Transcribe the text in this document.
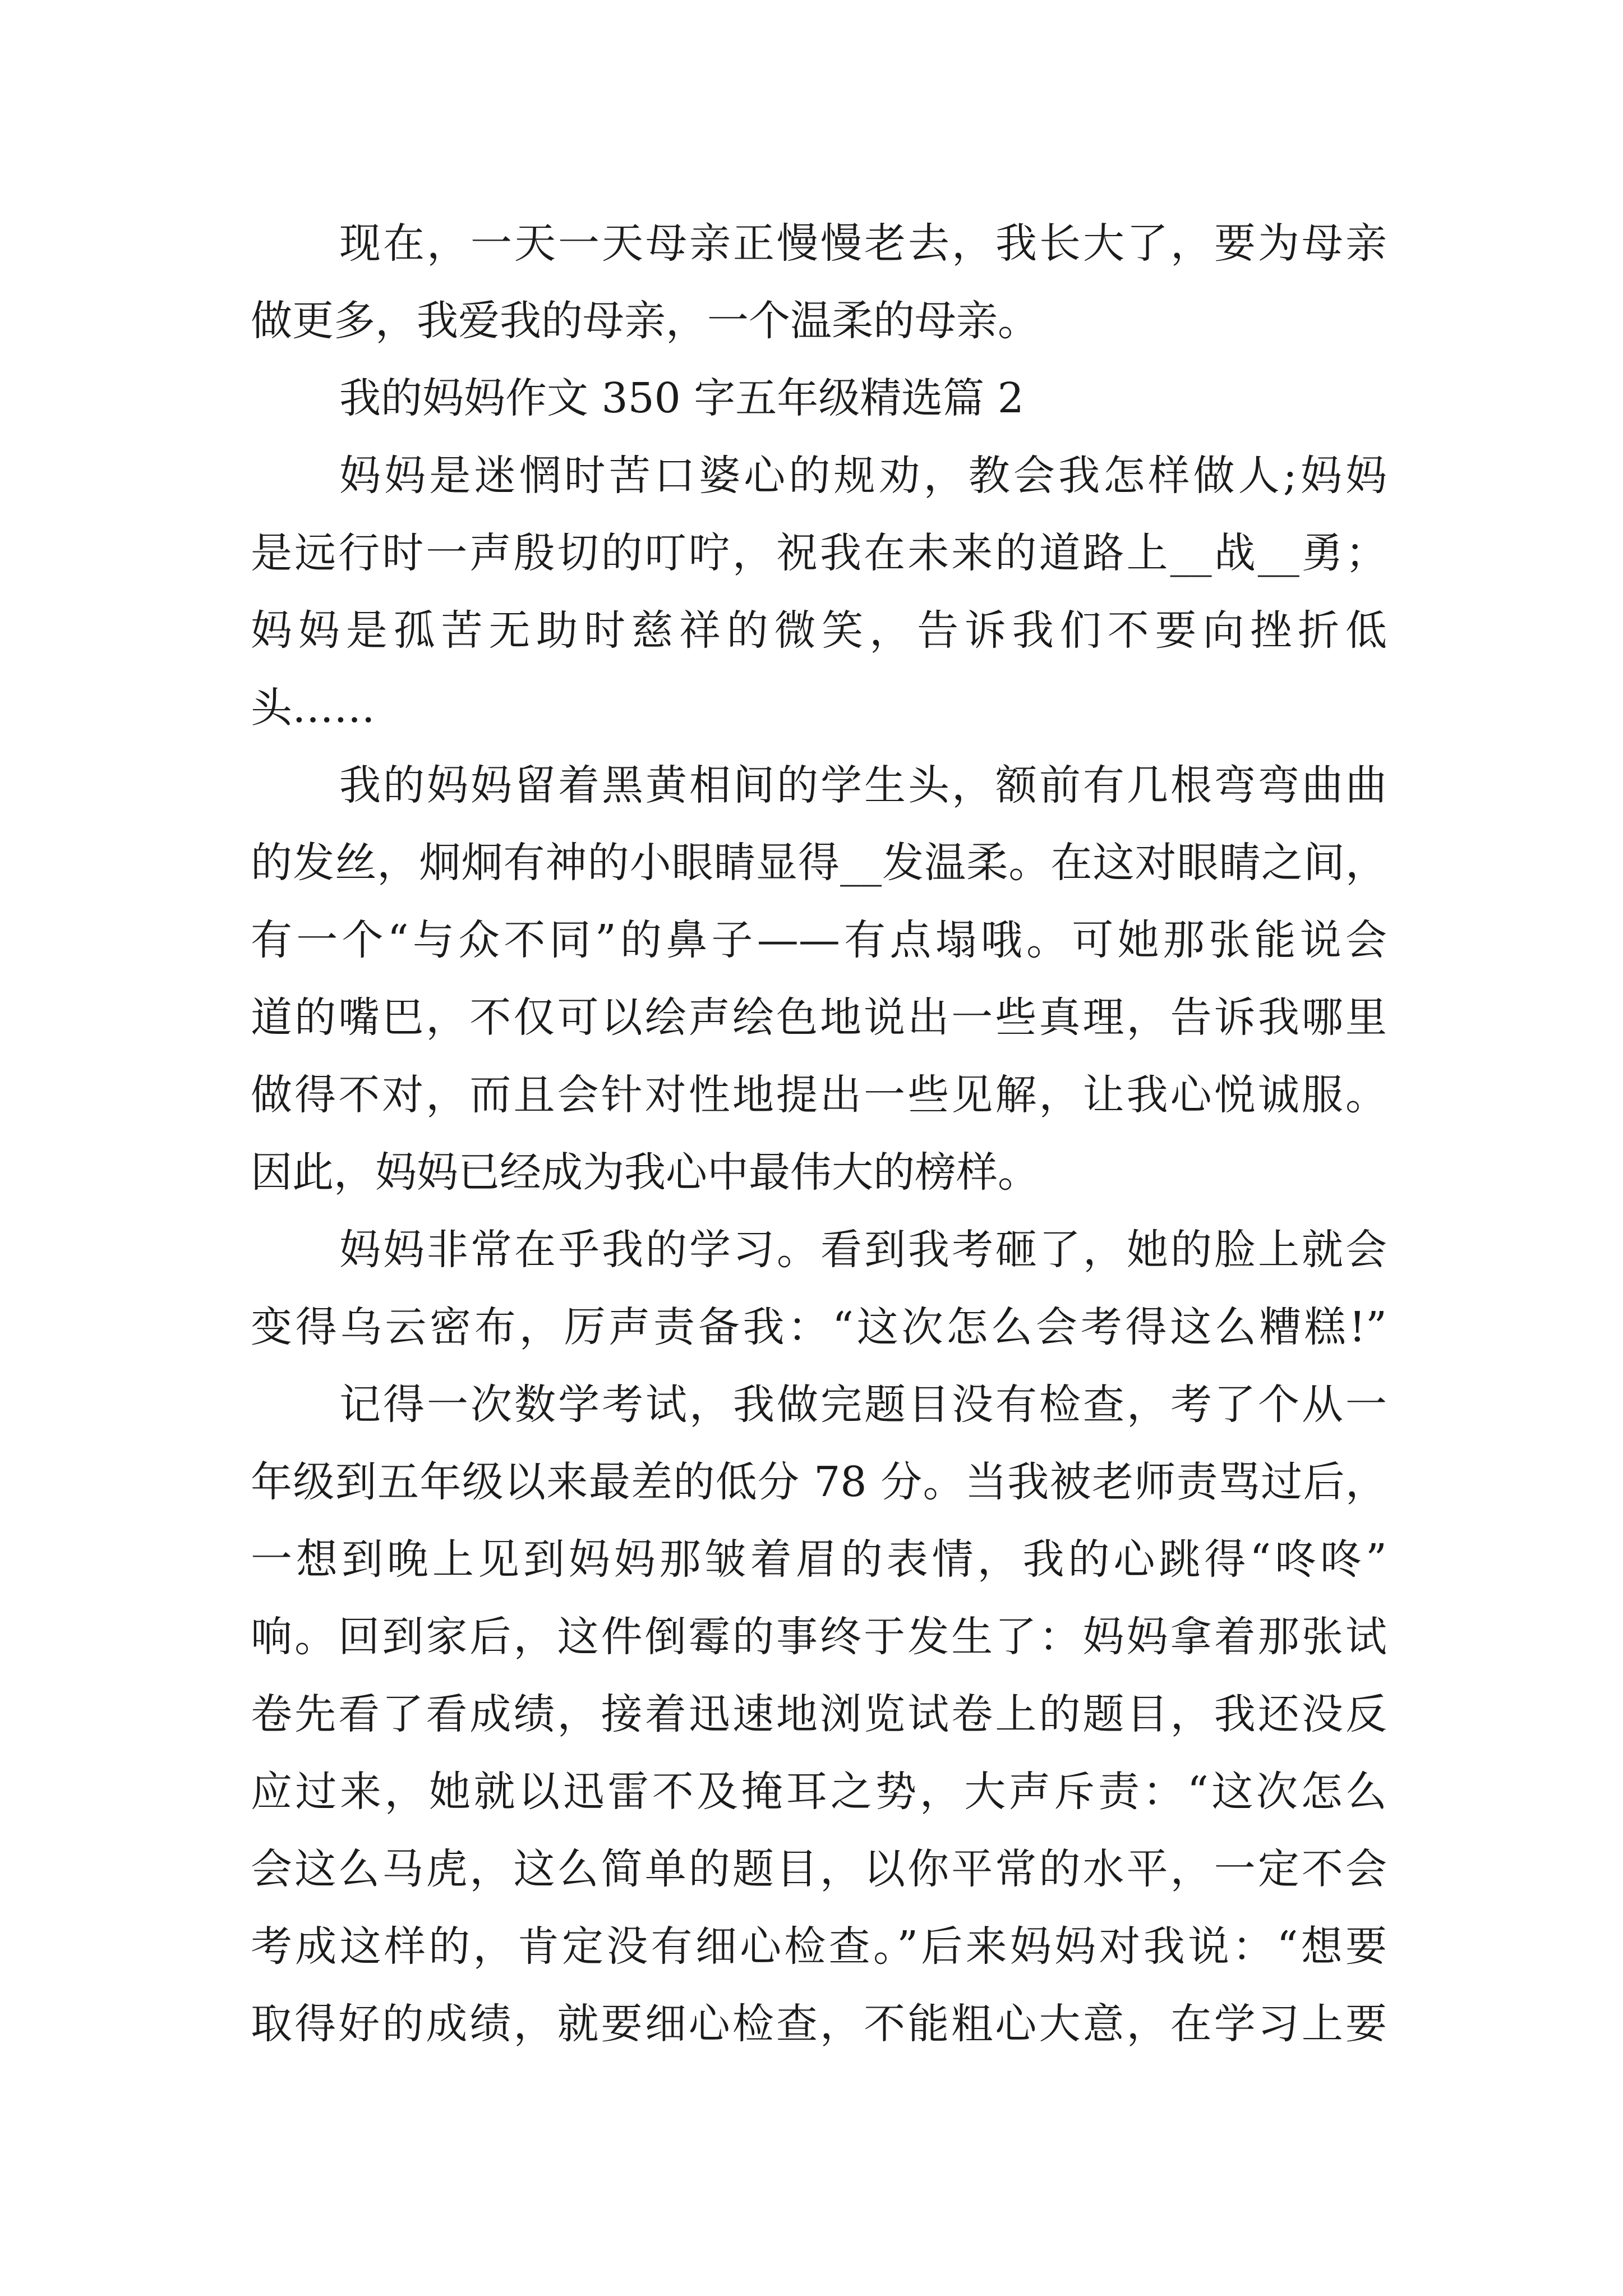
现在，一天一天母亲正慢慢老去，我长大了，要为母亲
做更多，我爱我的母亲，一个温柔的母亲。
我的妈妈作文 350 字五年级精选篇 2
妈妈是迷惘时苦口婆心的规劝，教会我怎样做人;妈妈
是远行时一声殷切的叮咛，祝我在未来的道路上__战__勇；
妈妈是孤苦无助时慈祥的微笑，告诉我们不要向挫折低
头……
我的妈妈留着黑黄相间的学生头，额前有几根弯弯曲曲
的发丝，炯炯有神的小眼睛显得__发温柔。在这对眼睛之间，
有一个“与众不同”的鼻子——有点塌哦。可她那张能说会
道的嘴巴，不仅可以绘声绘色地说出一些真理，告诉我哪里
做得不对，而且会针对性地提出一些见解，让我心悦诚服。
因此，妈妈已经成为我心中最伟大的榜样。
妈妈非常在乎我的学习。看到我考砸了，她的脸上就会
变得乌云密布，厉声责备我：“这次怎么会考得这么糟糕!”
记得一次数学考试，我做完题目没有检查，考了个从一
年级到五年级以来最差的低分 78 分。当我被老师责骂过后，
一想到晚上见到妈妈那皱着眉的表情，我的心跳得“咚咚”
响。回到家后，这件倒霉的事终于发生了：妈妈拿着那张试
卷先看了看成绩，接着迅速地浏览试卷上的题目，我还没反
应过来，她就以迅雷不及掩耳之势，大声斥责：“这次怎么
会这么马虎，这么简单的题目，以你平常的水平，一定不会
考成这样的，肯定没有细心检查。”后来妈妈对我说：“想要
取得好的成绩，就要细心检查，不能粗心大意，在学习上要
